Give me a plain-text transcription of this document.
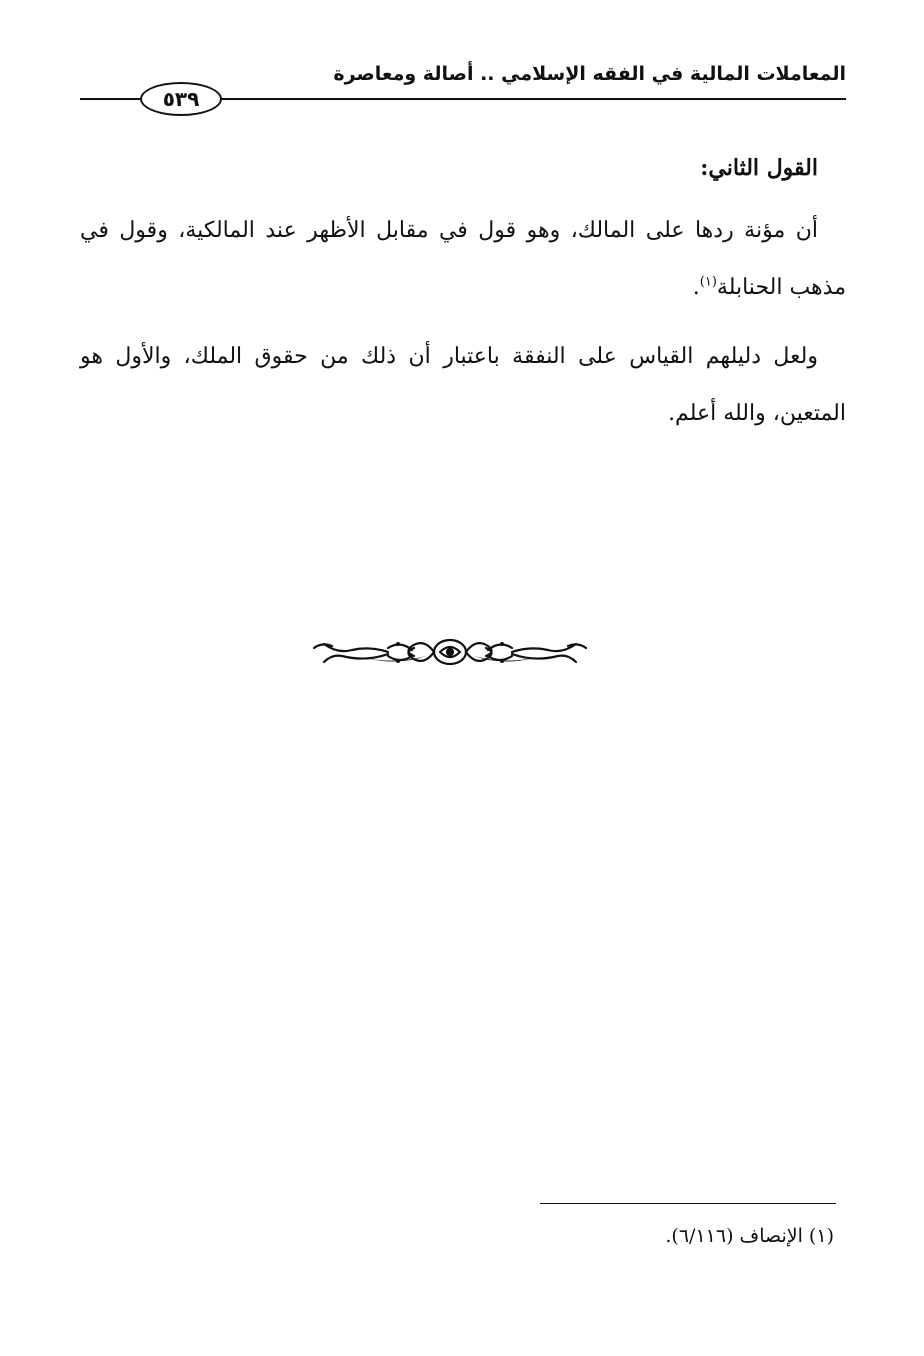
المعاملات المالية في الفقه الإسلامي .. أصالة ومعاصرة
٥٣٩

القول الثاني:

أن مؤنة ردها على المالك، وهو قول في مقابل الأظهر عند المالكية، وقول في مذهب الحنابلة$^{(١)}$.

ولعل دليلهم القياس على النفقة باعتبار أن ذلك من حقوق الملك، والأول هو المتعين، والله أعلم.

(١) الإنصاف (٦/١١٦).
